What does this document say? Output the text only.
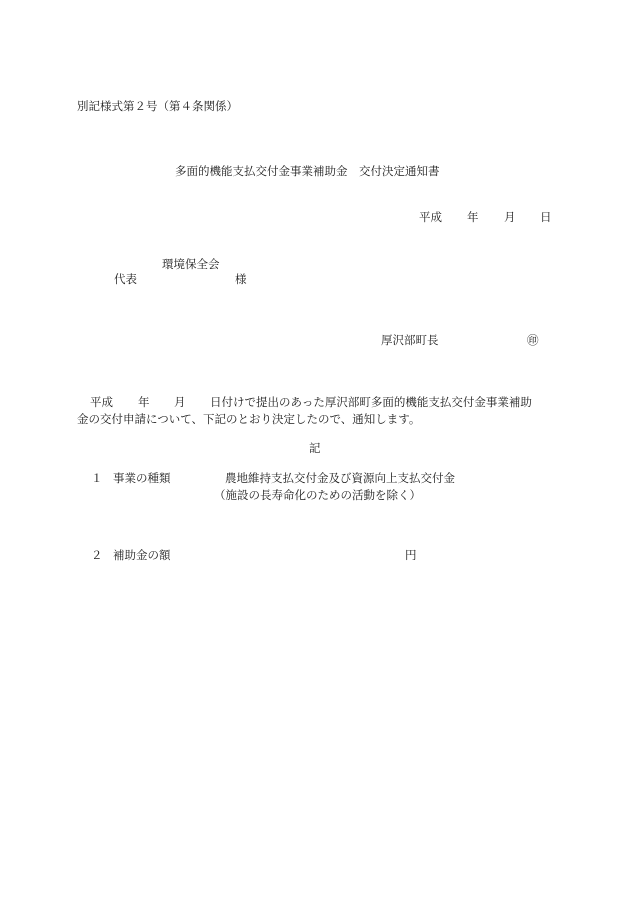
別記様式第２号（第４条関係）
多面的機能支払交付金事業補助金　交付決定通知書
平成 年 月 日
環境保全会
代表	様
厚沢部町長	㊞
平成 年 月 日付けで提出のあった厚沢部町多面的機能支払交付金事業補助
金の交付申請について、下記のとおり決定したので、通知します。
記
１ 事業の種類	農地維持支払交付金及び資源向上支払交付金
（施設の長寿命化のための活動を除く）
２ 補助金の額	円
